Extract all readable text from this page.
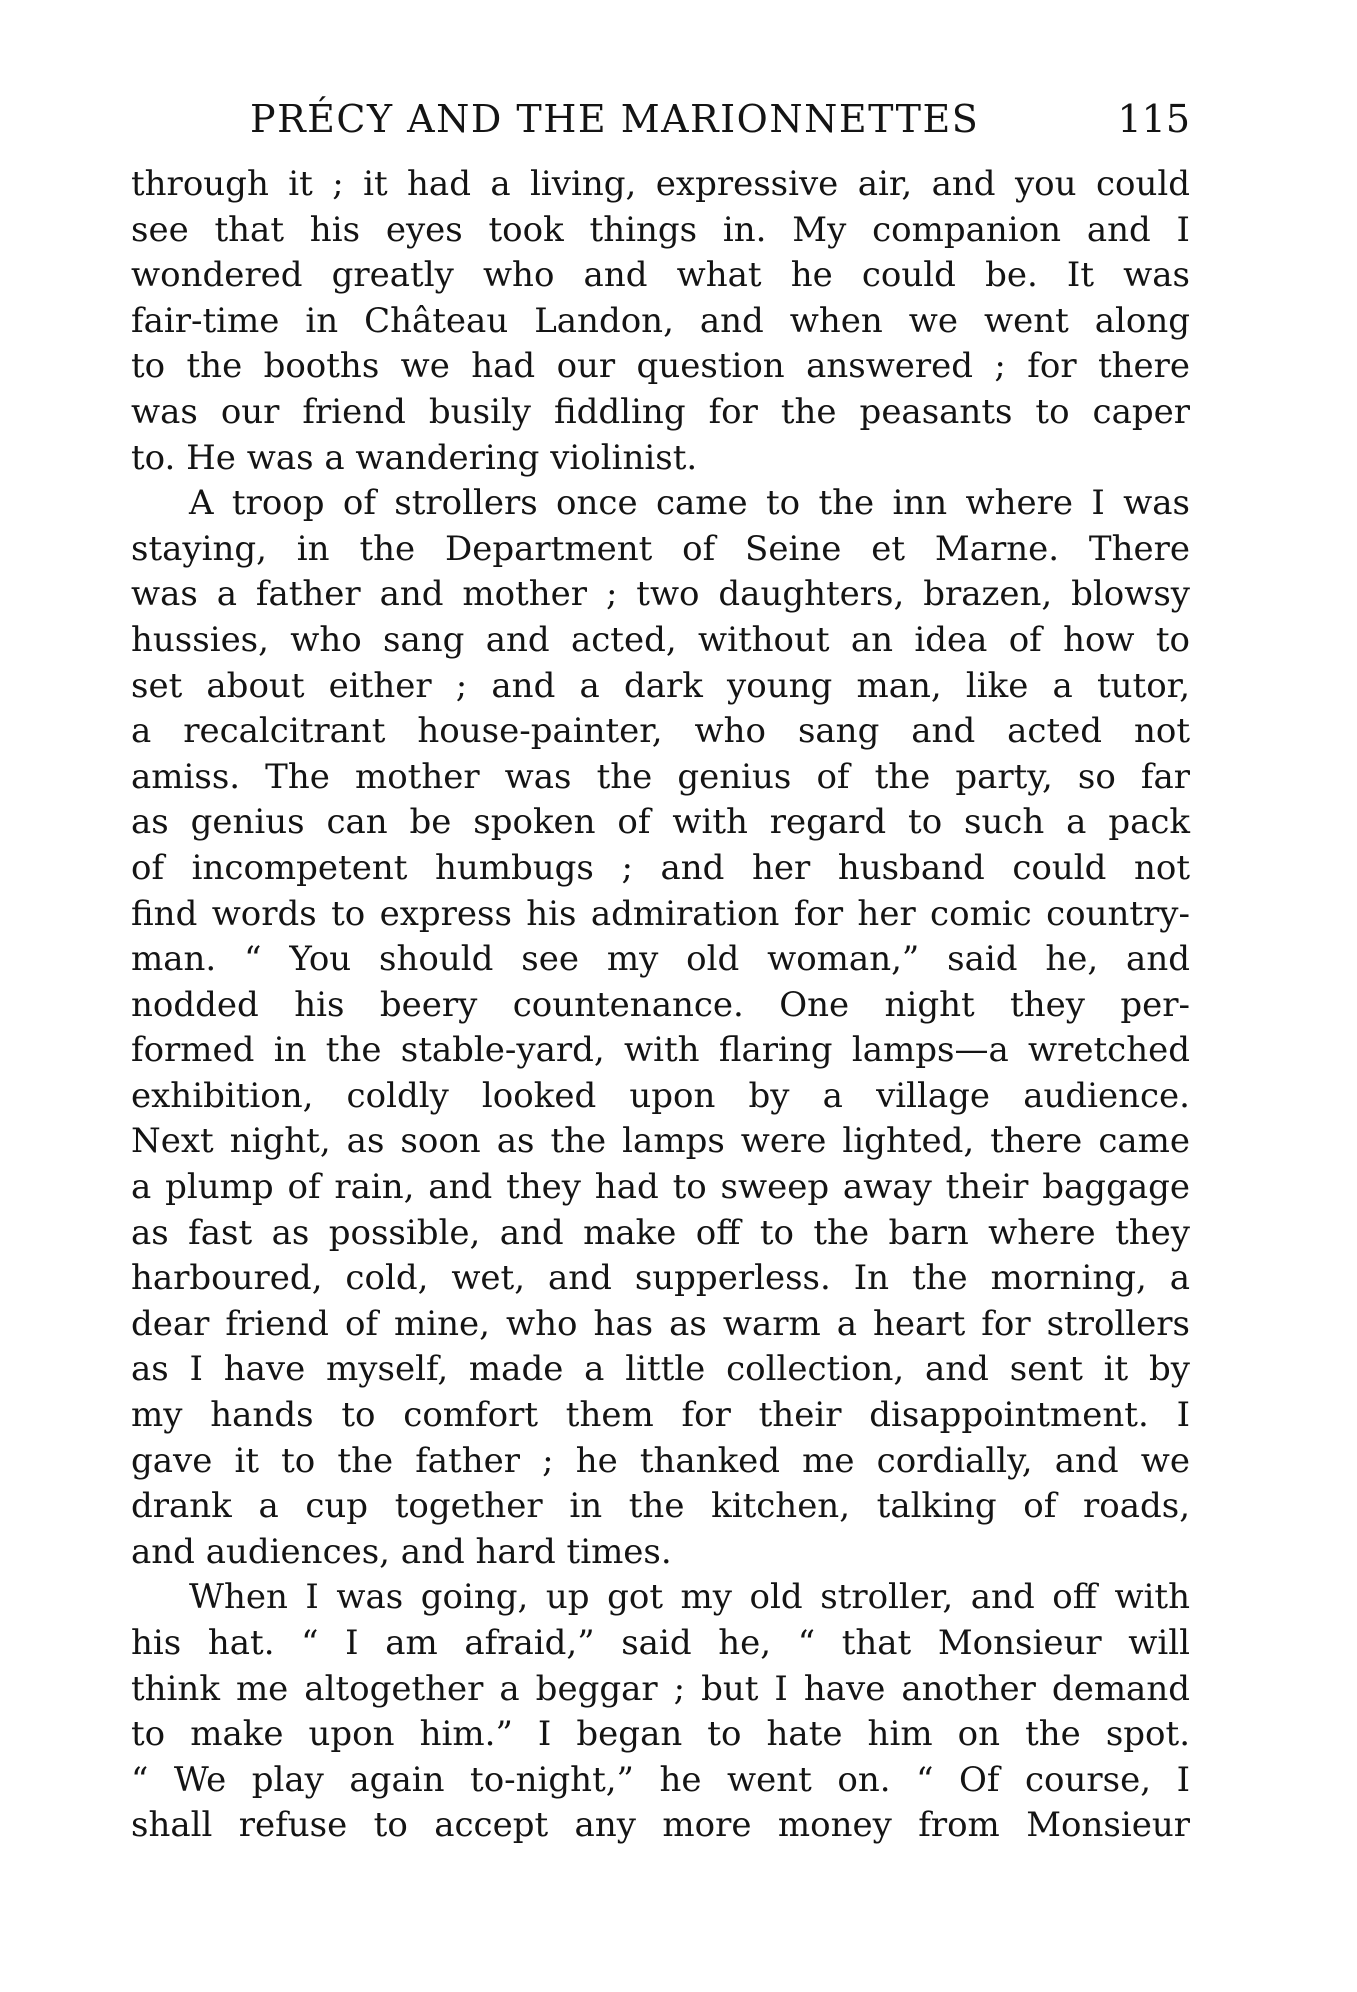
PRÉCY AND THE MARIONNETTES	115
through it ; it had a living, expressive air, and you could
see that his eyes took things in. My companion and I
wondered greatly who and what he could be. It was
fair-time in Château Landon, and when we went along
to the booths we had our question answered ; for there
was our friend busily fiddling for the peasants to caper
to. He was a wandering violinist.
A troop of strollers once came to the inn where I was
staying, in the Department of Seine et Marne. There
was a father and mother ; two daughters, brazen, blowsy
hussies, who sang and acted, without an idea of how to
set about either ; and a dark young man, like a tutor,
a recalcitrant house-painter, who sang and acted not
amiss. The mother was the genius of the party, so far
as genius can be spoken of with regard to such a pack
of incompetent humbugs ; and her husband could not
find words to express his admiration for her comic country-
man. “ You should see my old woman,” said he, and
nodded his beery countenance. One night they per-
formed in the stable-yard, with flaring lamps—a wretched
exhibition, coldly looked upon by a village audience.
Next night, as soon as the lamps were lighted, there came
a plump of rain, and they had to sweep away their baggage
as fast as possible, and make off to the barn where they
harboured, cold, wet, and supperless. In the morning, a
dear friend of mine, who has as warm a heart for strollers
as I have myself, made a little collection, and sent it by
my hands to comfort them for their disappointment. I
gave it to the father ; he thanked me cordially, and we
drank a cup together in the kitchen, talking of roads,
and audiences, and hard times.
When I was going, up got my old stroller, and off with
his hat. “ I am afraid,” said he, “ that Monsieur will
think me altogether a beggar ; but I have another demand
to make upon him.” I began to hate him on the spot.
“ We play again to-night,” he went on. “ Of course, I
shall refuse to accept any more money from Monsieur
